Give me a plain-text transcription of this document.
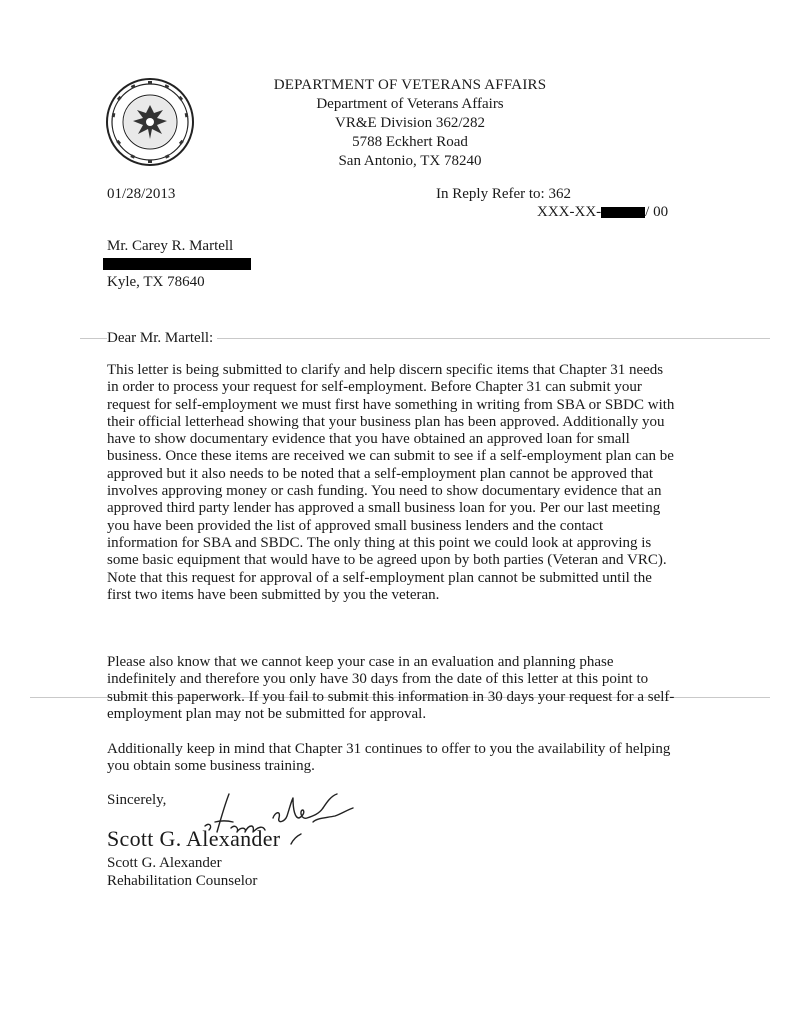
DEPARTMENT OF VETERANS AFFAIRS
Department of Veterans Affairs
VR&E Division 362/282
5788 Eckhert Road
San Antonio, TX 78240
01/28/2013	In Reply Refer to: 362
XXX-XX-	/ 00
Mr. Carey R. Martell
Kyle, TX 78640
Dear Mr. Martell:

This letter is being submitted to clarify and help discern specific items that Chapter 31 needs in order to process your request for self-employment. Before Chapter 31 can submit your request for self-employment we must first have something in writing from SBA or SBDC with their official letterhead showing that your business plan has been approved. Additionally you have to show documentary evidence that you have obtained an approved loan for small business. Once these items are received we can submit to see if a self-employment plan can be approved but it also needs to be noted that a self-employment plan cannot be approved that involves approving money or cash funding. You need to show documentary evidence that an approved third party lender has approved a small business loan for you. Per our last meeting you have been provided the list of approved small business lenders and the contact information for SBA and SBDC. The only thing at this point we could look at approving is some basic equipment that would have to be agreed upon by both parties (Veteran and VRC). Note that this request for approval of a self-employment plan cannot be submitted until the first two items have been submitted by you the veteran.

Please also know that we cannot keep your case in an evaluation and planning phase indefinitely and therefore you only have 30 days from the date of this letter at this point to submit this paperwork. If you fail to submit this information in 30 days your request for a self-employment plan may not be submitted for approval.

Additionally keep in mind that Chapter 31 continues to offer to you the availability of helping you obtain some business training.

Sincerely,
Scott G. Alexander
Scott G. Alexander
Rehabilitation Counselor
